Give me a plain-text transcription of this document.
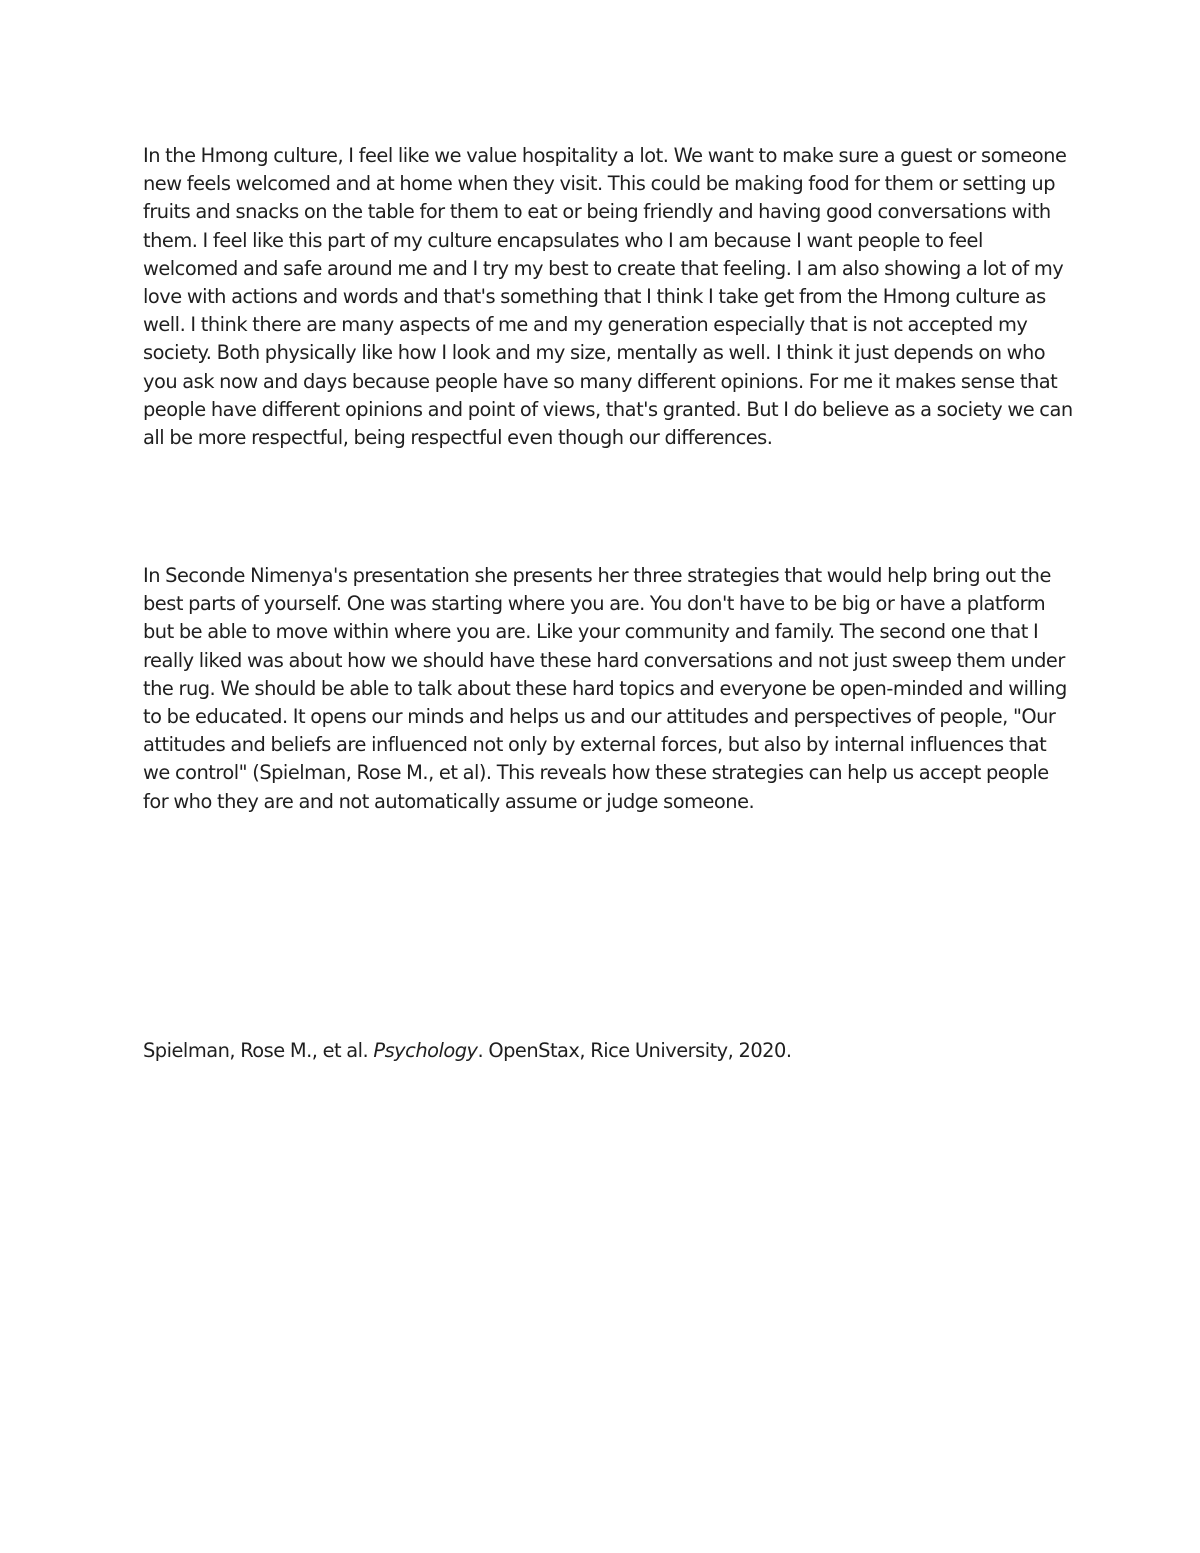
In the Hmong culture, I feel like we value hospitality a lot. We want to make sure a guest or someone new feels welcomed and at home when they visit. This could be making food for them or setting up fruits and snacks on the table for them to eat or being friendly and having good conversations with them. I feel like this part of my culture encapsulates who I am because I want people to feel welcomed and safe around me and I try my best to create that feeling. I am also showing a lot of my love with actions and words and that's something that I think I take get from the Hmong culture as well. I think there are many aspects of me and my generation especially that is not accepted my society. Both physically like how I look and my size, mentally as well. I think it just depends on who you ask now and days because people have so many different opinions. For me it makes sense that people have different opinions and point of views, that's granted. But I do believe as a society we can all be more respectful, being respectful even though our differences.

In Seconde Nimenya's presentation she presents her three strategies that would help bring out the best parts of yourself. One was starting where you are. You don't have to be big or have a platform but be able to move within where you are. Like your community and family. The second one that I really liked was about how we should have these hard conversations and not just sweep them under the rug. We should be able to talk about these hard topics and everyone be open-minded and willing to be educated. It opens our minds and helps us and our attitudes and perspectives of people, "Our attitudes and beliefs are influenced not only by external forces, but also by internal influences that we control" (Spielman, Rose M., et al). This reveals how these strategies can help us accept people for who they are and not automatically assume or judge someone.

Spielman, Rose M., et al. Psychology. OpenStax, Rice University, 2020.
